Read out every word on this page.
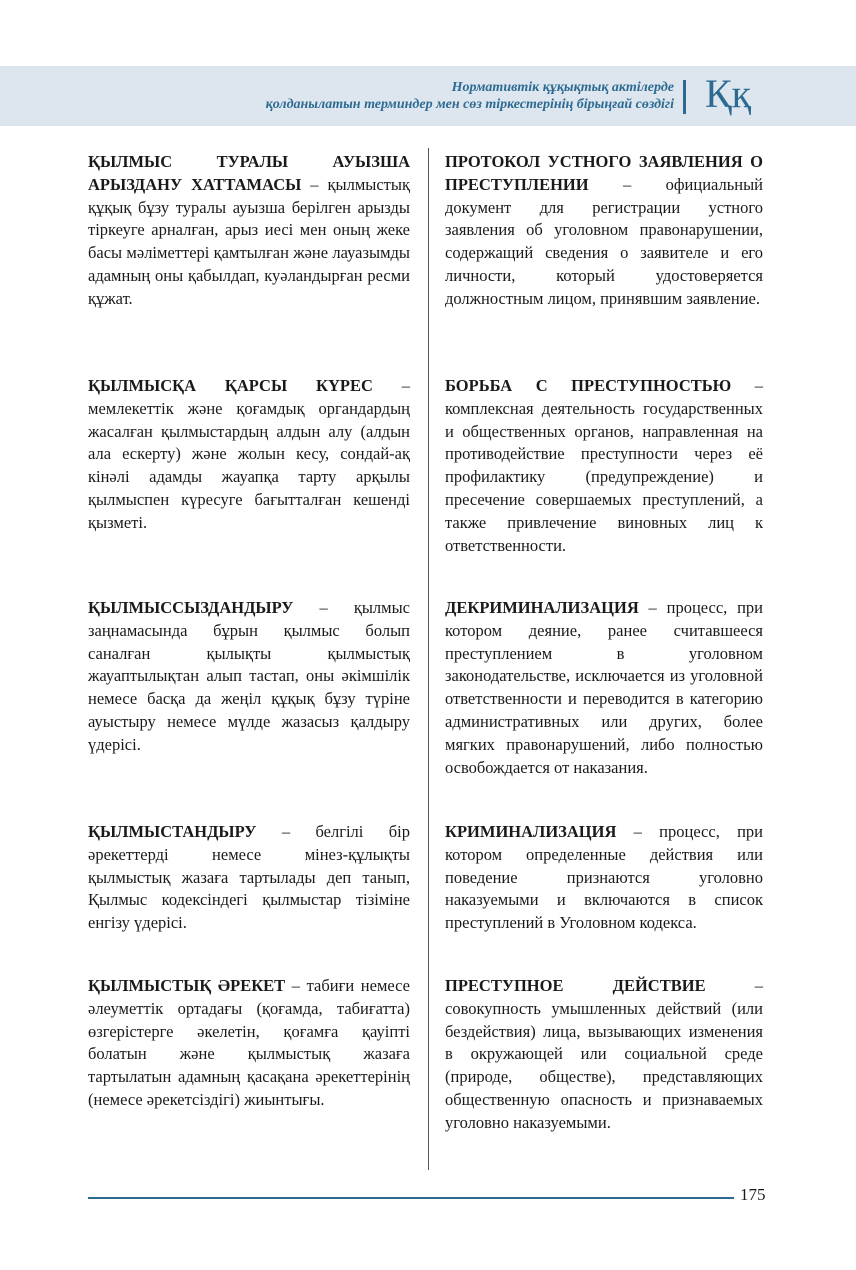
Нормативтік құқықтық актілерде
қолданылатын терминдер мен сөз тіркестерінің бірыңғай сөздігі Ққ
ҚЫЛМЫС ТУРАЛЫ АУЫЗША АРЫЗДАНУ ХАТТАМАСЫ – қылмыстық құқық бұзу туралы ауызша берілген арызды тіркеуге арналған, арыз иесі мен оның жеке басы мәліметтері қамтылған және лауазымды адамның оны қабылдап, куәландырған ресми құжат.
ПРОТОКОЛ УСТНОГО ЗАЯВЛЕНИЯ О ПРЕСТУПЛЕНИИ – официальный документ для регистрации устного заявления об уголовном правонарушении, содержащий сведения о заявителе и его личности, который удостоверяется должностным лицом, принявшим заявление.
ҚЫЛМЫСҚА ҚАРСЫ КҮРЕС – мемлекеттік және қоғамдық органдардың жасалған қылмыстардың алдын алу (алдын ала ескерту) және жолын кесу, сондай-ақ кінәлі адамды жауапқа тарту арқылы қылмыспен күресуге бағытталған кешенді қызметі.
БОРЬБА С ПРЕСТУПНОСТЬЮ – комплексная деятельность государственных и общественных органов, направленная на противодействие преступности через её профилактику (предупреждение) и пресечение совершаемых преступлений, а также привлечение виновных лиц к ответственности.
ҚЫЛМЫССЫЗДАНДЫРУ – қылмыс заңнамасында бұрын қылмыс болып саналған қылықты қылмыстық жауаптылықтан алып тастап, оны әкімшілік немесе басқа да жеңіл құқық бұзу түріне ауыстыру немесе мүлде жазасыз қалдыру үдерісі.
ДЕКРИМИНАЛИЗАЦИЯ – процесс, при котором деяние, ранее считавшееся преступлением в уголовном законодательстве, исключается из уголовной ответственности и переводится в категорию административных или других, более мягких правонарушений, либо полностью освобождается от наказания.
ҚЫЛМЫСТАНДЫРУ – белгілі бір әрекеттерді немесе мінез-құлықты қылмыстық жазаға тартылады деп танып, Қылмыс кодексіндегі қылмыстар тізіміне енгізу үдерісі.
КРИМИНАЛИЗАЦИЯ – процесс, при котором определенные действия или поведение признаются уголовно наказуемыми и включаются в список преступлений в Уголовном кодекса.
ҚЫЛМЫСТЫҚ ӘРЕКЕТ – табиғи немесе әлеуметтік ортадағы (қоғамда, табиғатта) өзгерістерге әкелетін, қоғамға қауіпті болатын және қылмыстық жазаға тартылатын адамның қасақана әрекеттерінің (немесе әрекетсіздігі) жиынтығы.
ПРЕСТУПНОЕ ДЕЙСТВИЕ – совокупность умышленных действий (или бездействия) лица, вызывающих изменения в окружающей или социальной среде (природе, обществе), представляющих общественную опасность и признаваемых уголовно наказуемыми.
175
